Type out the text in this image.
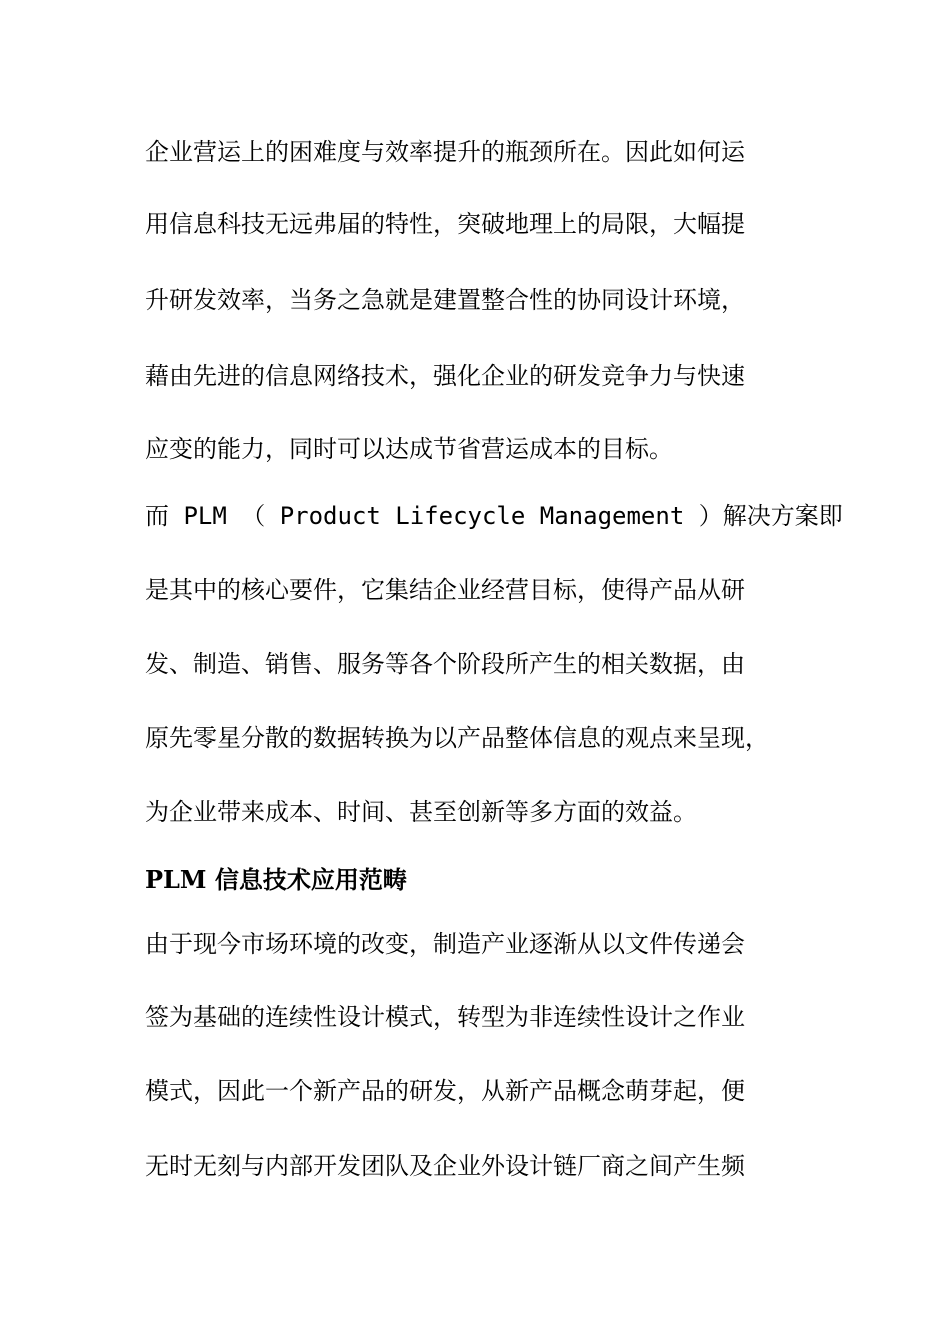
企业营运上的困难度与效率提升的瓶颈所在。因此如何运
用信息科技无远弗届的特性，突破地理上的局限，大幅提
升研发效率，当务之急就是建置整合性的协同设计环境，
藉由先进的信息网络技术，强化企业的研发竞争力与快速
应变的能力，同时可以达成节省营运成本的目标。
而 PLM （ Product Lifecycle Management ）解决方案即
是其中的核心要件，它集结企业经营目标，使得产品从研
发、制造、销售、服务等各个阶段所产生的相关数据，由
原先零星分散的数据转换为以产品整体信息的观点来呈现，
为企业带来成本、时间、甚至创新等多方面的效益。
PLM 信息技术应用范畴
由于现今市场环境的改变，制造产业逐渐从以文件传递会
签为基础的连续性设计模式，转型为非连续性设计之作业
模式，因此一个新产品的研发，从新产品概念萌芽起，便
无时无刻与内部开发团队及企业外设计链厂商之间产生频
